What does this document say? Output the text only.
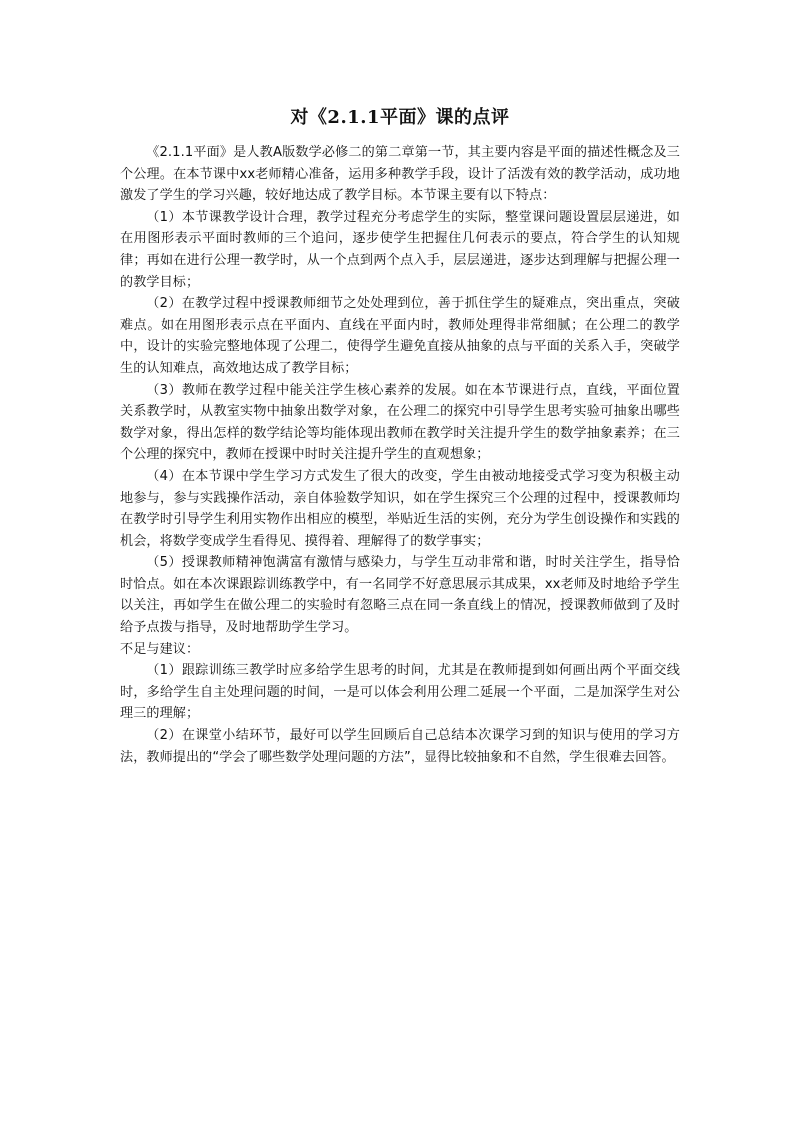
对《2.1.1平面》课的点评

《2.1.1平面》是人教A版数学必修二的第二章第一节，其主要内容是平面的描述性概念及三个公理。在本节课中xx老师精心准备，运用多种教学手段，设计了活泼有效的教学活动，成功地激发了学生的学习兴趣，较好地达成了教学目标。本节课主要有以下特点：

（1）本节课教学设计合理，教学过程充分考虑学生的实际，整堂课问题设置层层递进，如在用图形表示平面时教师的三个追问，逐步使学生把握住几何表示的要点，符合学生的认知规律；再如在进行公理一教学时，从一个点到两个点入手，层层递进，逐步达到理解与把握公理一的教学目标；

（2）在教学过程中授课教师细节之处处理到位，善于抓住学生的疑难点，突出重点，突破难点。如在用图形表示点在平面内、直线在平面内时，教师处理得非常细腻；在公理二的教学中，设计的实验完整地体现了公理二，使得学生避免直接从抽象的点与平面的关系入手，突破学生的认知难点，高效地达成了教学目标；

（3）教师在教学过程中能关注学生核心素养的发展。如在本节课进行点，直线，平面位置关系教学时，从教室实物中抽象出数学对象，在公理二的探究中引导学生思考实验可抽象出哪些数学对象，得出怎样的数学结论等均能体现出教师在教学时关注提升学生的数学抽象素养；在三个公理的探究中，教师在授课中时时关注提升学生的直观想象；

（4）在本节课中学生学习方式发生了很大的改变，学生由被动地接受式学习变为积极主动地参与，参与实践操作活动，亲自体验数学知识，如在学生探究三个公理的过程中，授课教师均在教学时引导学生利用实物作出相应的模型，举贴近生活的实例，充分为学生创设操作和实践的机会，将数学变成学生看得见、摸得着、理解得了的数学事实；

（5）授课教师精神饱满富有激情与感染力，与学生互动非常和谐，时时关注学生，指导恰时恰点。如在本次课跟踪训练教学中，有一名同学不好意思展示其成果，xx老师及时地给予学生以关注，再如学生在做公理二的实验时有忽略三点在同一条直线上的情况，授课教师做到了及时给予点拨与指导，及时地帮助学生学习。

不足与建议：

（1）跟踪训练三教学时应多给学生思考的时间，尤其是在教师提到如何画出两个平面交线时，多给学生自主处理问题的时间，一是可以体会利用公理二延展一个平面，二是加深学生对公理三的理解；

（2）在课堂小结环节，最好可以学生回顾后自己总结本次课学习到的知识与使用的学习方法，教师提出的“学会了哪些数学处理问题的方法”，显得比较抽象和不自然，学生很难去回答。
